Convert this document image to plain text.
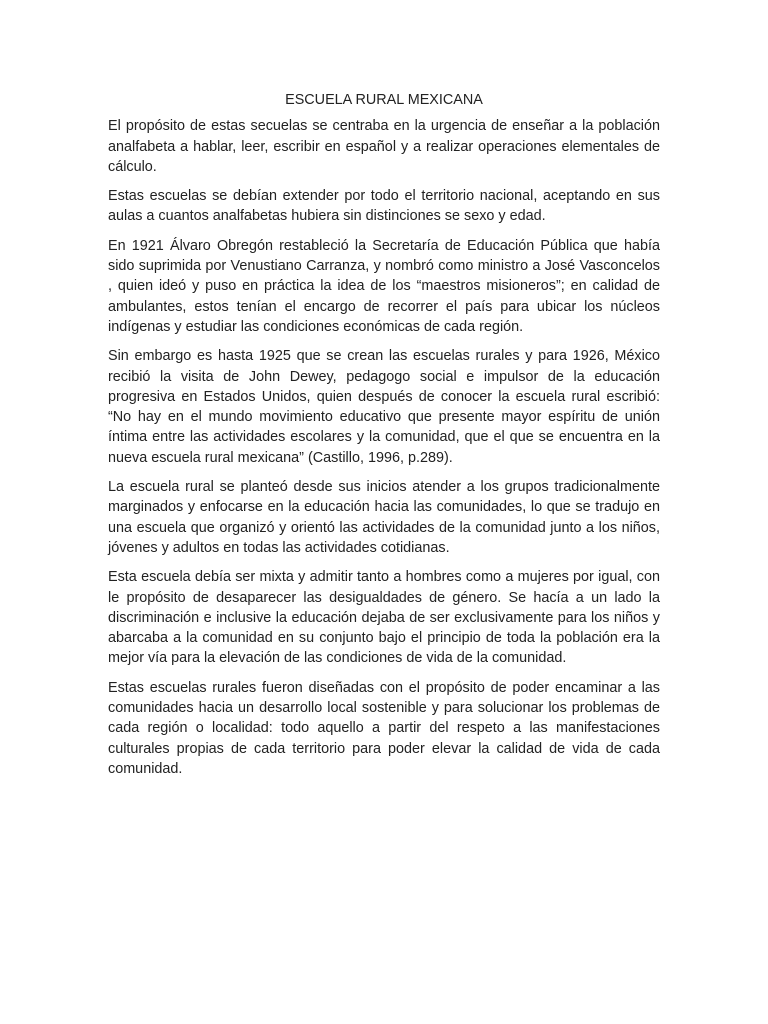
ESCUELA RURAL MEXICANA

El propósito de estas secuelas se centraba en la urgencia de enseñar a la población analfabeta a hablar, leer, escribir en español y a realizar operaciones elementales de cálculo.

Estas escuelas se debían extender por todo el territorio nacional, aceptando en sus aulas a cuantos analfabetas hubiera sin distinciones se sexo y edad.

En 1921 Álvaro Obregón restableció la Secretaría de Educación Pública que había sido suprimida por Venustiano Carranza, y nombró como ministro a José Vasconcelos , quien ideó y puso en práctica la idea de los “maestros misioneros”; en calidad de ambulantes, estos tenían el encargo de recorrer el país para ubicar los núcleos indígenas y estudiar las condiciones económicas de cada región.

Sin embargo es hasta 1925 que se crean las escuelas rurales y para 1926, México recibió la visita de John Dewey, pedagogo social e impulsor de la educación progresiva en Estados Unidos, quien después de conocer la escuela rural escribió: “No hay en el mundo movimiento educativo que presente mayor espíritu de unión íntima entre las actividades escolares y la comunidad, que el que se encuentra en la nueva escuela rural mexicana” (Castillo, 1996, p.289).

La escuela rural se planteó desde sus inicios atender a los grupos tradicionalmente marginados y enfocarse en la educación hacia las comunidades, lo que se tradujo en una escuela que organizó y orientó las actividades de la comunidad junto a los niños, jóvenes y adultos en todas las actividades cotidianas.

Esta escuela debía ser mixta y admitir tanto a hombres como a mujeres por igual, con le propósito de desaparecer las desigualdades de género. Se hacía a un lado la discriminación e inclusive la educación dejaba de ser exclusivamente para los niños y abarcaba a la comunidad en su conjunto bajo el principio de toda la población era la mejor vía para la elevación de las condiciones de vida de la comunidad.

Estas escuelas rurales fueron diseñadas con el propósito de poder encaminar a las comunidades hacia un desarrollo local sostenible y para solucionar los problemas de cada región o localidad: todo aquello a partir del respeto a las manifestaciones culturales propias de cada territorio para poder elevar la calidad de vida de cada comunidad.
